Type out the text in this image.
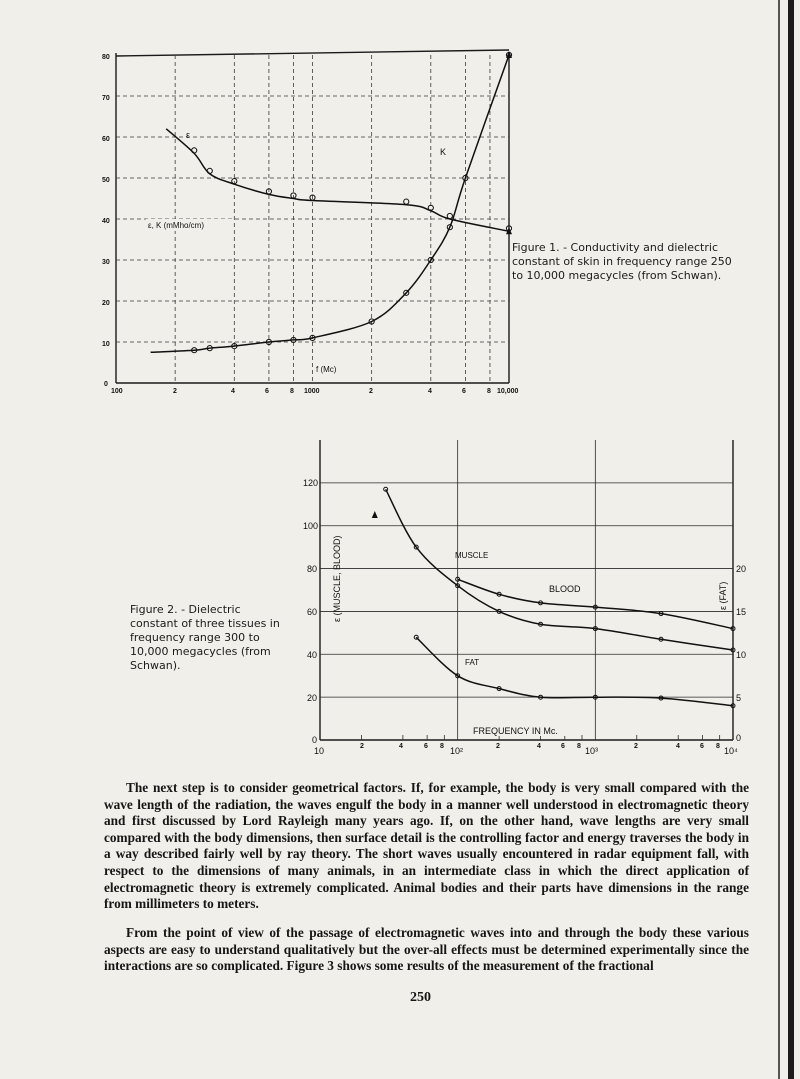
80
70
60
50
40
30
20
10
0
100	2	4	6	8 1000	2	4	6	8 10,000
ε, K (mMho/cm)
f (Mc)
ε
K
120
100
80
60
40
20
0
20
15
10
5
0
10	10²	10³	10⁴
2	4	6 8	2	4	6 8	2	4	6 8
ε (MUSCLE, BLOOD)	ε (FAT)
FREQUENCY IN Mc.
MUSCLE
BLOOD
FAT
Figure 1. - Conductivity and dielectric constant of skin in frequency range 250 to 10,000 megacycles (from Schwan).
Figure 2. - Dielectric constant of three tissues in frequency range 300 to 10,000 megacycles (from Schwan).

The next step is to consider geometrical factors. If, for example, the body is very small compared with the wave length of the radiation, the waves engulf the body in a manner well understood in electromagnetic theory and first discussed by Lord Rayleigh many years ago. If, on the other hand, wave lengths are very small compared with the body dimensions, then surface detail is the controlling factor and energy traverses the body in a way described fairly well by ray theory. The short waves usually encountered in radar equipment fall, with respect to the dimensions of many animals, in an intermediate class in which the direct application of electromagnetic theory is extremely complicated. Animal bodies and their parts have dimensions in the range from millimeters to meters.

From the point of view of the passage of electromagnetic waves into and through the body these various aspects are easy to understand qualitatively but the over-all effects must be determined experimentally since the interactions are so complicated. Figure 3 shows some results of the measurement of the fractional

250
